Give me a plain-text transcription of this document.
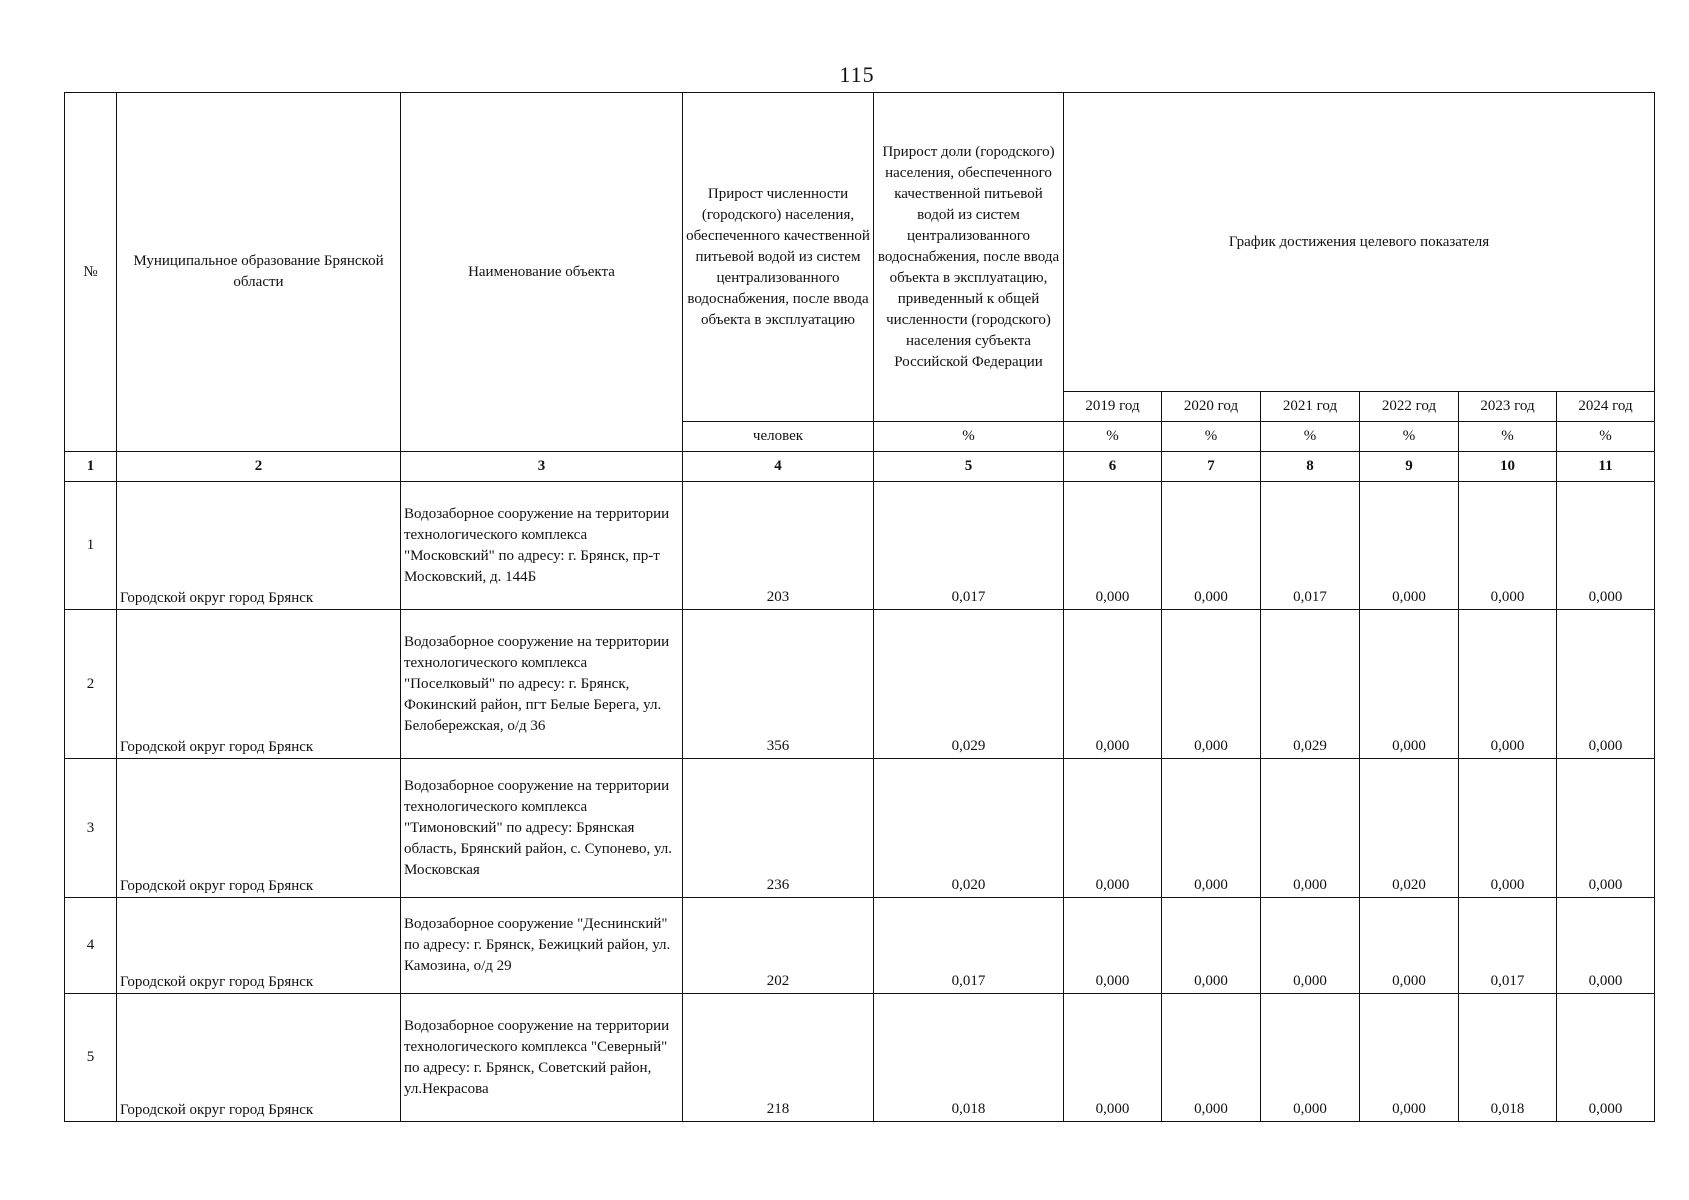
115
№	Муниципальное образование Брянской области	Наименование объекта	Прирост численности (городского) населения, обеспеченного качественной питьевой водой из систем централизованного водоснабжения, после ввода объекта в эксплуатацию	Прирост доли (городского) населения, обеспеченного качественной питьевой водой из систем централизованного водоснабжения, после ввода объекта в эксплуатацию, приведенный к общей численности (городского) населения субъекта Российской Федерации	График достижения целевого показателя					
					2019 год	2020 год	2021 год	2022 год	2023 год	2024 год
			человек	%	%	%	%	%	%	%
1	2	3	4	5	6	7	8	9	10	11
1	Городской округ город Брянск	Водозаборное сооружение на территории технологического комплекса "Московский" по адресу: г. Брянск, пр-т Московский, д. 144Б	203	0,017	0,000	0,000	0,017	0,000	0,000	0,000
2	Городской округ город Брянск	Водозаборное сооружение на территории технологического комплекса "Поселковый" по адресу: г. Брянск, Фокинский район, пгт Белые Берега, ул. Белобережская, о/д 36	356	0,029	0,000	0,000	0,029	0,000	0,000	0,000
3	Городской округ город Брянск	Водозаборное сооружение на территории технологического комплекса "Тимоновский" по адресу: Брянская область, Брянский район, с. Супонево, ул. Московская	236	0,020	0,000	0,000	0,000	0,020	0,000	0,000
4	Городской округ город Брянск	Водозаборное сооружение "Деснинский" по адресу: г. Брянск, Бежицкий район, ул. Камозина, о/д 29	202	0,017	0,000	0,000	0,000	0,000	0,017	0,000
5	Городской округ город Брянск	Водозаборное сооружение на территории технологического комплекса "Северный" по адресу: г. Брянск, Советский район, ул.Некрасова	218	0,018	0,000	0,000	0,000	0,000	0,018	0,000
